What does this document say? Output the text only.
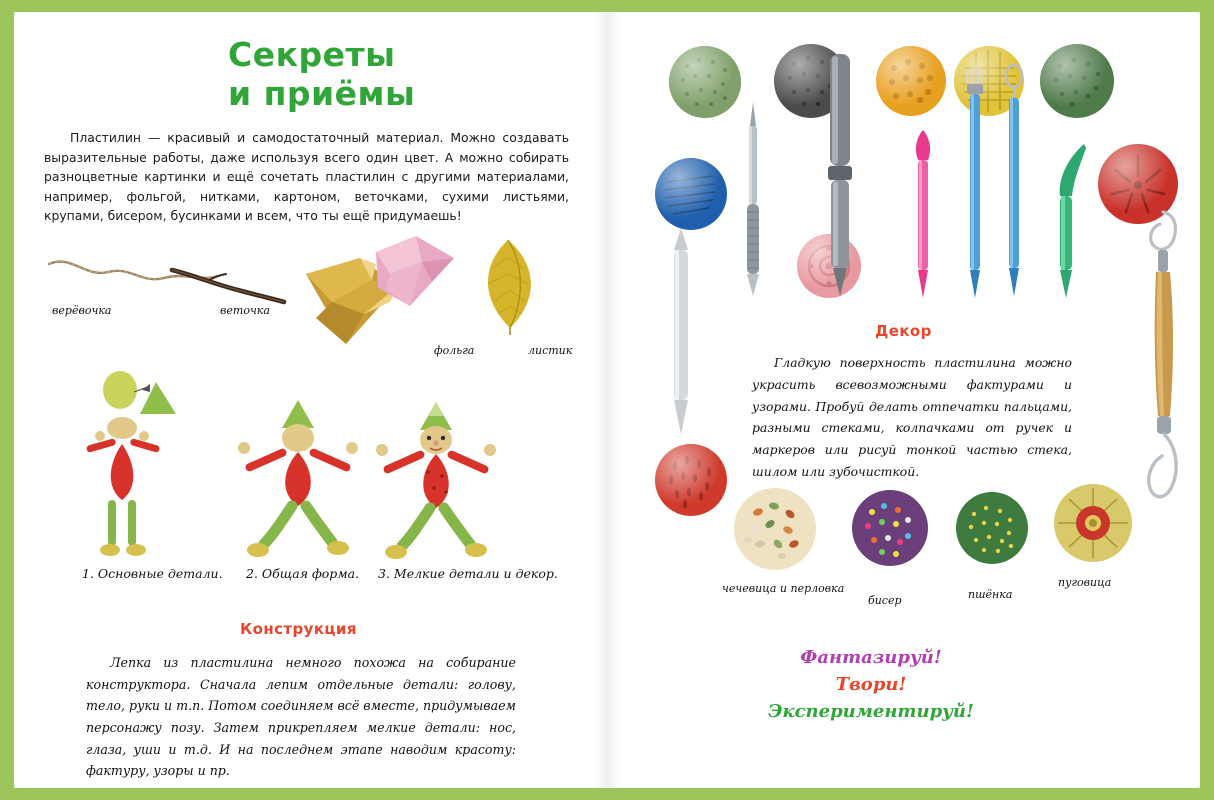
6	7
Секреты
и приёмы
Пластилин — красивый и самодостаточный материал. Можно создавать выразительные работы, даже используя всего один цвет. А можно собирать разноцветные картинки и ещё сочетать пластилин с другими материалами, например, фольгой, нитками, картоном, веточками, сухими листьями, крупами, бисером, бусинками и всем, что ты ещё придумаешь!
верёвочка	веточка
фольга	листик
1. Основные детали. 2. Общая форма. 3. Мелкие детали и декор.
Конструкция
Лепка из пластилина немного похожа на собирание конструктора. Сначала лепим отдельные детали: голову, тело, руки и т.п. Потом соединяем всё вместе, придумываем персонажу позу. Затем прикрепляем мелкие детали: нос, глаза, уши и т.д. И на последнем этапе наводим красоту: фактуру, узоры и пр.
Декор
Гладкую поверхность пластилина можно украсить всевозможными фактурами и узорами. Пробуй делать отпечатки пальцами, разными стеками, колпачками от ручек и маркеров или рисуй тонкой частью стека, шилом или зубочисткой.
чечевица и перловка
бисер	пшёнка
пуговица
Фантазируй!
Твори!
Экспериментируй!
